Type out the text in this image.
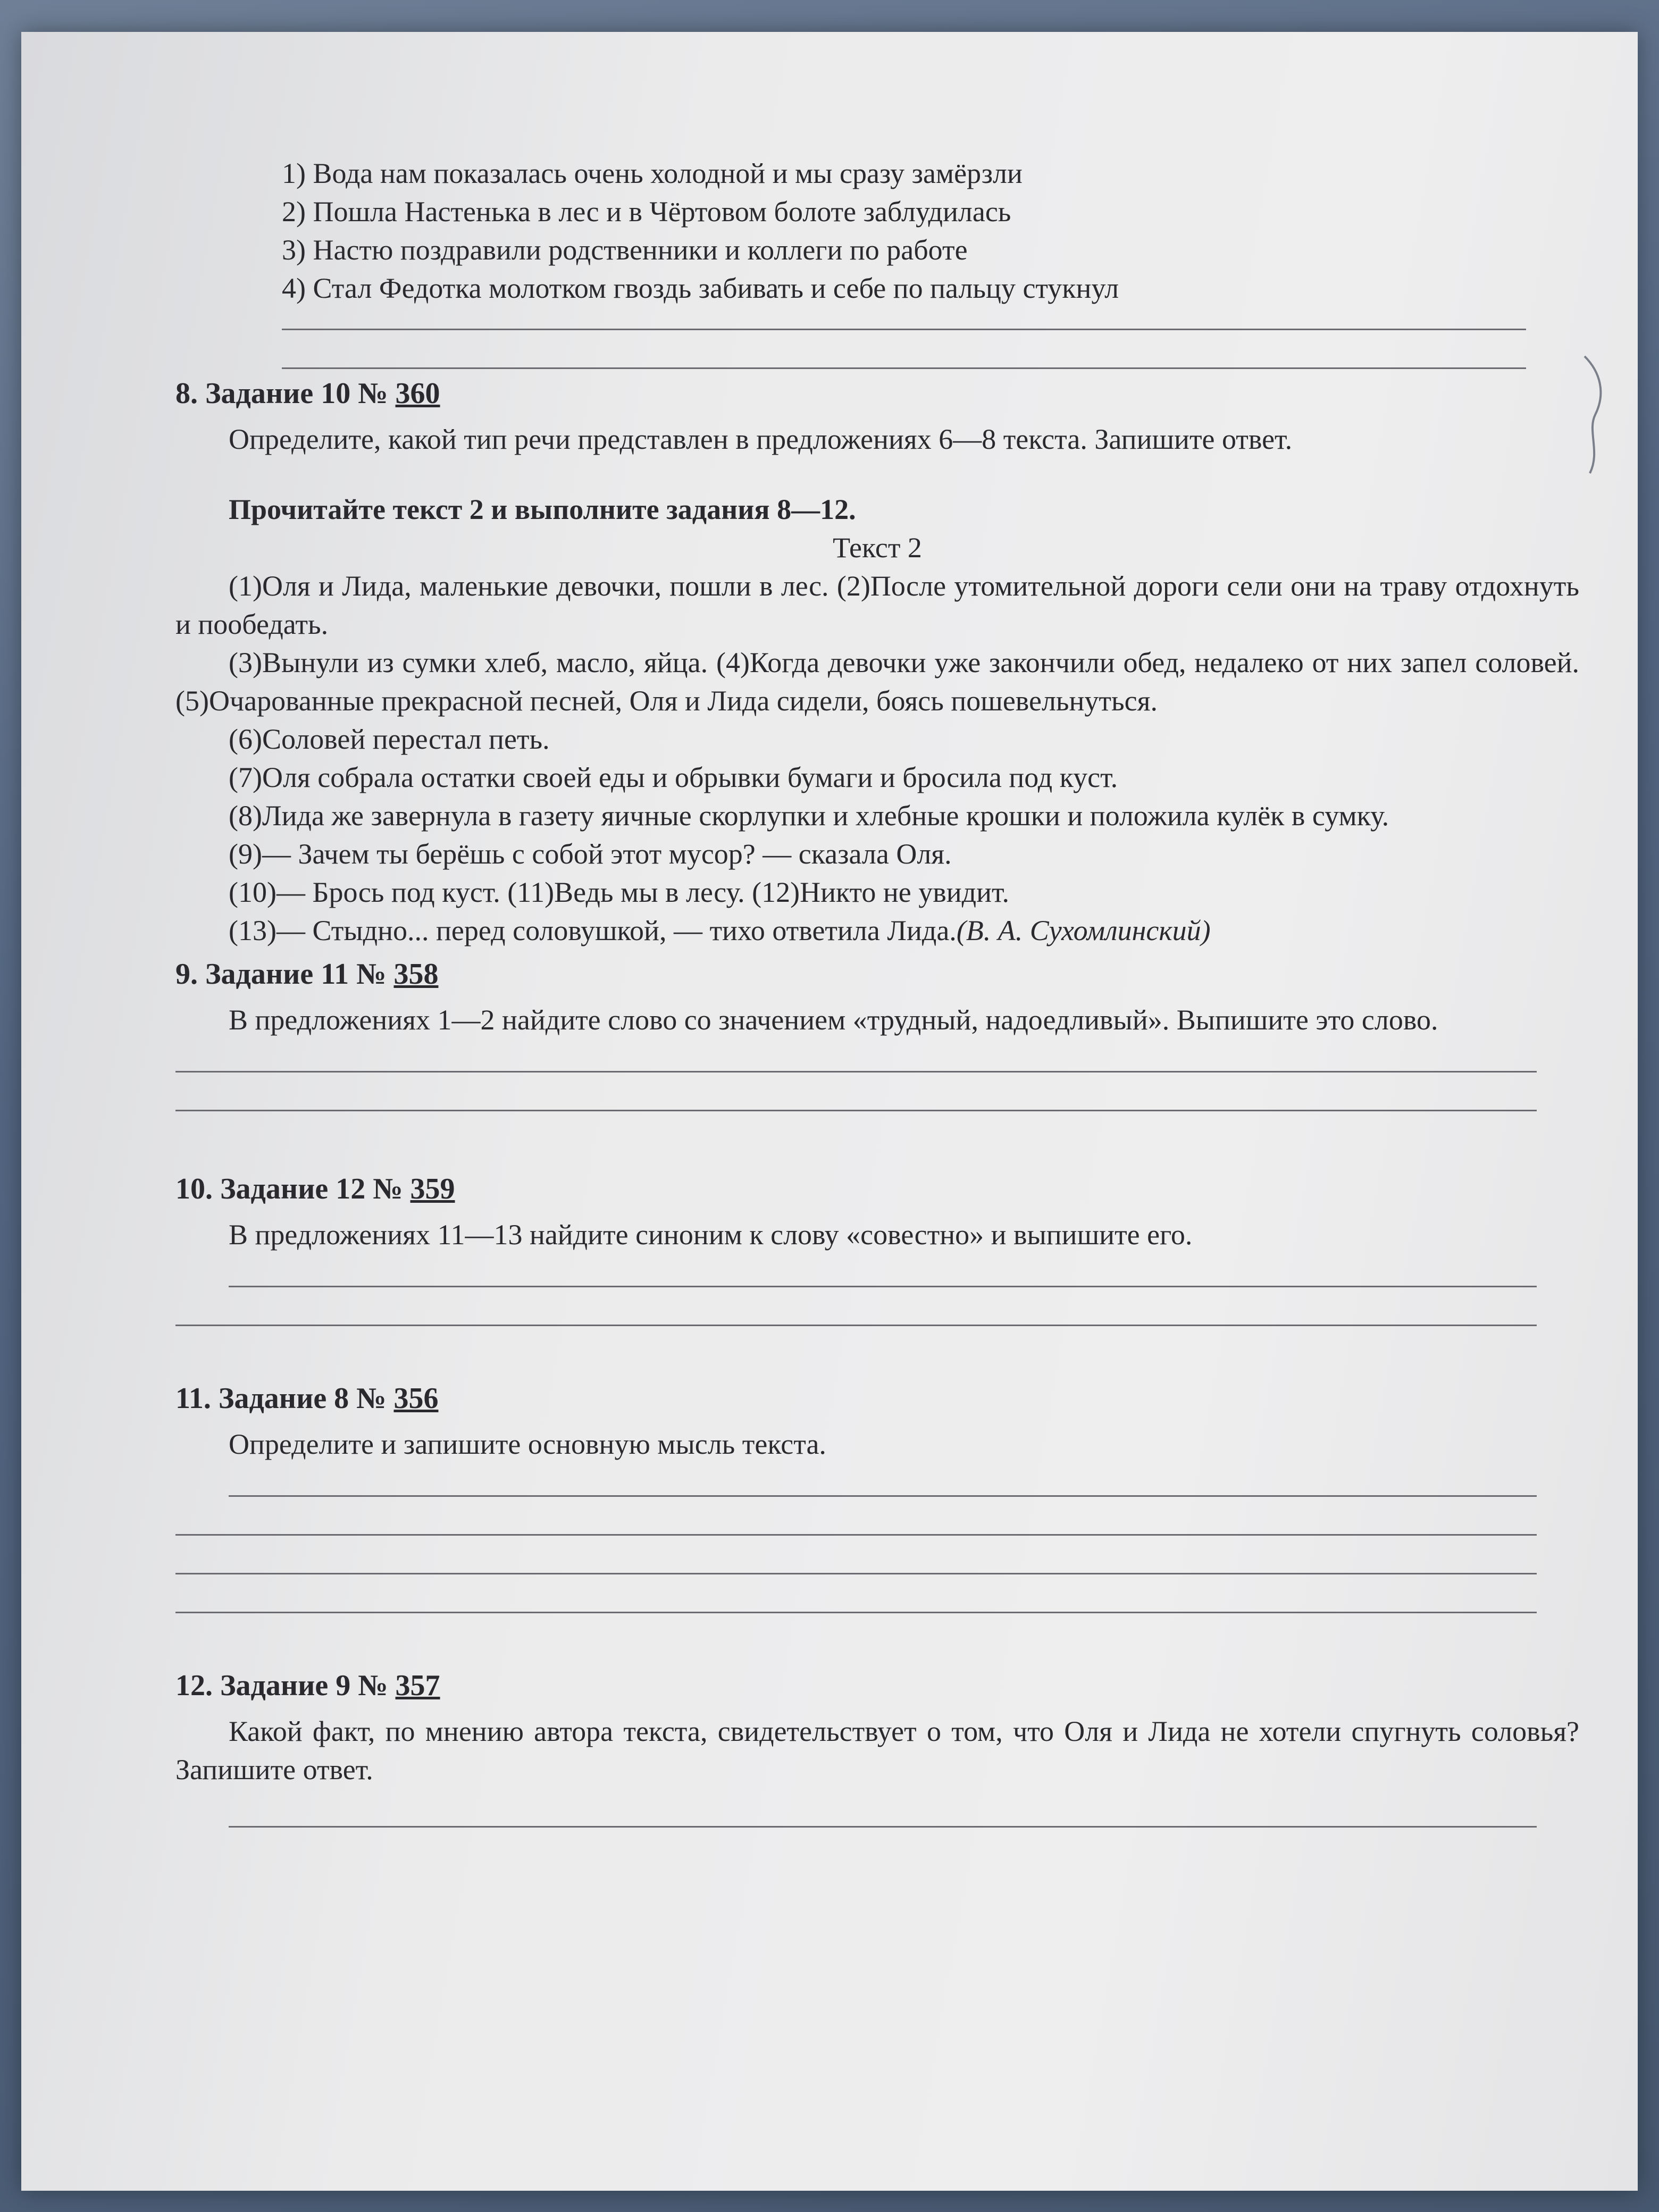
1) Вода нам показалась очень холодной и мы сразу замёрзли

2) Пошла Настенька в лес и в Чёртовом болоте заблудилась

3) Настю поздравили родственники и коллеги по работе

4) Стал Федотка молотком гвоздь забивать и себе по пальцу стукнул

8. Задание 10 № 360

Определите, какой тип речи представлен в предложениях 6—8 текста. Запишите ответ.

Прочитайте текст 2 и выполните задания 8—12.

Текст 2

(1)Оля и Лида, маленькие девочки, пошли в лес. (2)После утомительной дороги сели они на траву отдохнуть и пообедать.

(3)Вынули из сумки хлеб, масло, яйца. (4)Когда девочки уже закончили обед, недалеко от них запел соловей. (5)Очарованные прекрасной песней, Оля и Лида сидели, боясь пошевельнуться.

(6)Соловей перестал петь.

(7)Оля собрала остатки своей еды и обрывки бумаги и бросила под куст.

(8)Лида же завернула в газету яичные скорлупки и хлебные крошки и положила кулёк в сумку.

(9)— Зачем ты берёшь с собой этот мусор? — сказала Оля.

(10)— Брось под куст. (11)Ведь мы в лесу. (12)Никто не увидит.

(13)— Стыдно... перед соловушкой, — тихо ответила Лида.(В. А. Сухомлинский)

9. Задание 11 № 358

В предложениях 1—2 найдите слово со значением «трудный, надоедливый». Выпишите это слово.

10. Задание 12 № 359

В предложениях 11—13 найдите синоним к слову «совестно» и выпишите его.

11. Задание 8 № 356

Определите и запишите основную мысль текста.

12. Задание 9 № 357

Какой факт, по мнению автора текста, свидетельствует о том, что Оля и Лида не хотели спугнуть соловья? Запишите ответ.
